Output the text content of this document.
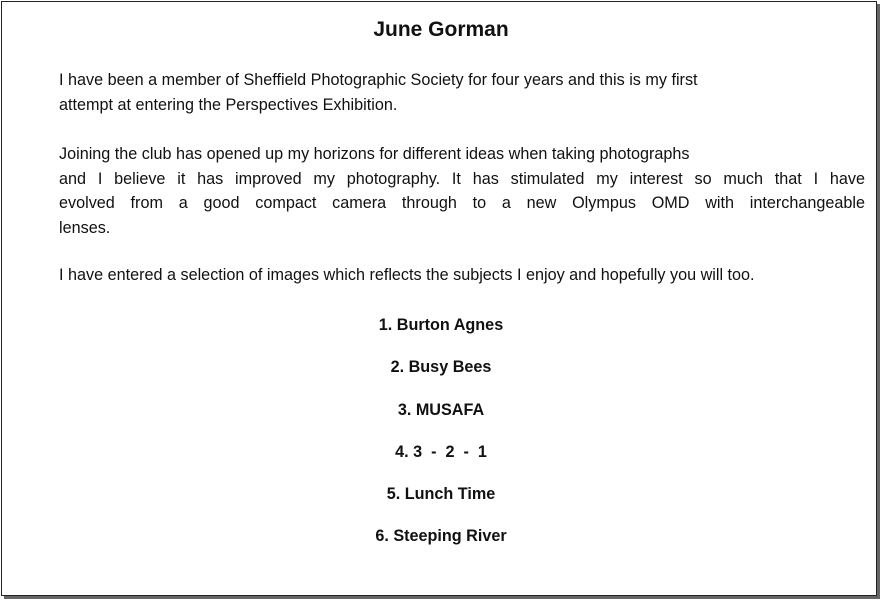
June Gorman

I have been a member of Sheffield Photographic Society for four years and this is my first
attempt at entering the Perspectives Exhibition.

Joining the club has opened up my horizons for different ideas when taking photographs
and I believe it has improved my photography. It has stimulated my interest so much that I have
evolved from a good compact camera through to a new Olympus OMD with interchangeable
lenses.

I have entered a selection of images which reflects the subjects I enjoy and hopefully you will too.

1. Burton Agnes
2. Busy Bees
3. MUSAFA
4. 3  -  2  -  1
5. Lunch Time
6. Steeping River
